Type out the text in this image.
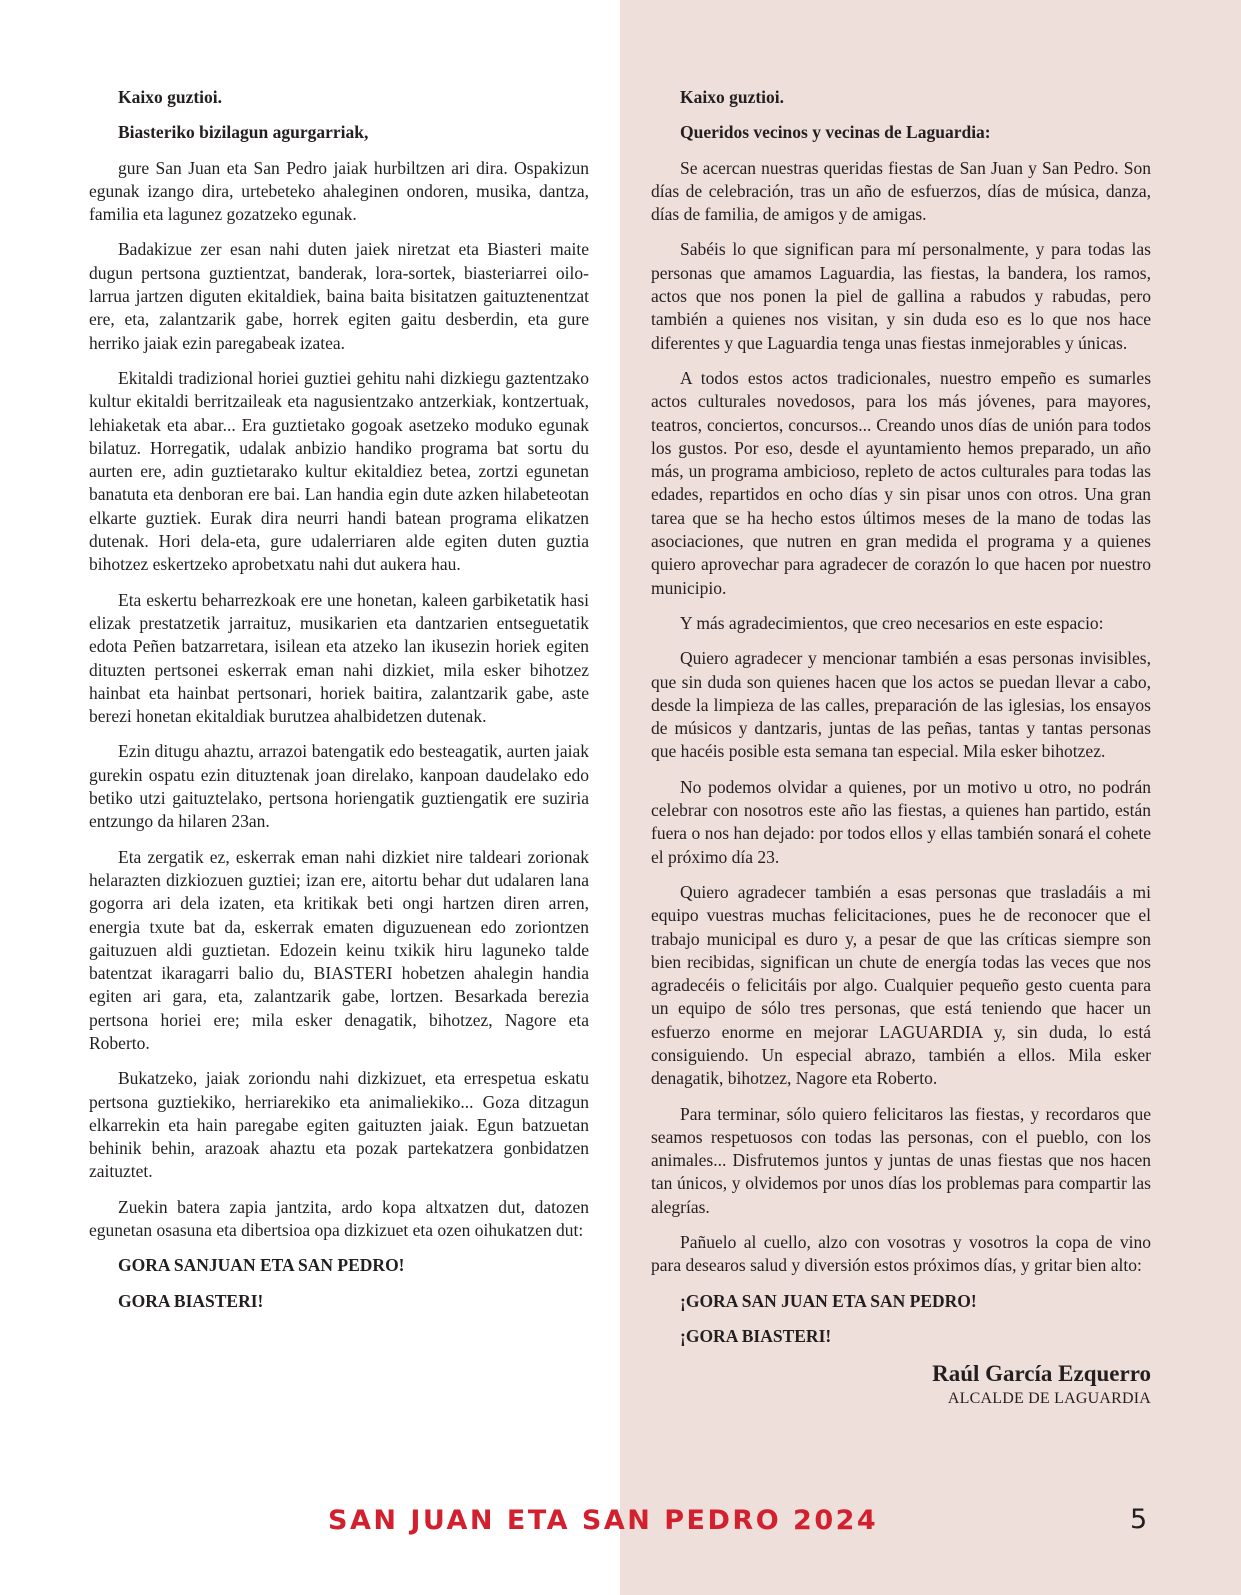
Kaixo guztioi.

Biasteriko bizilagun agurgarriak,

gure San Juan eta San Pedro jaiak hurbiltzen ari dira. Ospakizun egunak izango dira, urtebeteko ahaleginen ondoren, musika, dantza, familia eta lagunez gozatzeko egunak.

Badakizue zer esan nahi duten jaiek niretzat eta Biasteri maite dugun pertsona guztientzat, banderak, lora-sortek, biasteriarrei oilo-larrua jartzen diguten ekitaldiek, baina baita bisitatzen gaituztenentzat ere, eta, zalantzarik gabe, horrek egiten gaitu desberdin, eta gure herriko jaiak ezin paregabeak izatea.

Ekitaldi tradizional horiei guztiei gehitu nahi dizkiegu gaztentzako kultur ekitaldi berritzaileak eta nagusientzako antzerkiak, kontzertuak, lehiaketak eta abar... Era guztietako gogoak asetzeko moduko egunak bilatuz. Horregatik, udalak anbizio handiko programa bat sortu du aurten ere, adin guztietarako kultur ekitaldiez betea, zortzi egunetan banatuta eta denboran ere bai. Lan handia egin dute azken hilabeteotan elkarte guztiek. Eurak dira neurri handi batean programa elikatzen dutenak. Hori dela-eta, gure udalerriaren alde egiten duten guztia bihotzez eskertzeko aprobetxatu nahi dut aukera hau.

Eta eskertu beharrezkoak ere une honetan, kaleen garbiketatik hasi elizak prestatzetik jarraituz, musikarien eta dantzarien entseguetatik edota Peñen batzarretara, isilean eta atzeko lan ikusezin horiek egiten dituzten pertsonei eskerrak eman nahi dizkiet, mila esker bihotzez hainbat eta hainbat pertsonari, horiek baitira, zalantzarik gabe, aste berezi honetan ekitaldiak burutzea ahalbidetzen dutenak.

Ezin ditugu ahaztu, arrazoi batengatik edo besteagatik, aurten jaiak gurekin ospatu ezin dituztenak joan direlako, kanpoan daudelako edo betiko utzi gaituztelako, pertsona horiengatik guztiengatik ere suziria entzungo da hilaren 23an.

Eta zergatik ez, eskerrak eman nahi dizkiet nire taldeari zorionak helarazten dizkiozuen guztiei; izan ere, aitortu behar dut udalaren lana gogorra ari dela izaten, eta kritikak beti ongi hartzen diren arren, energia txute bat da, eskerrak ematen diguzuenean edo zoriontzen gaituzuen aldi guztietan. Edozein keinu txikik hiru laguneko talde batentzat ikaragarri balio du, BIASTERI hobetzen ahalegin handia egiten ari gara, eta, zalantzarik gabe, lortzen. Besarkada berezia pertsona horiei ere; mila esker denagatik, bihotzez, Nagore eta Roberto.

Bukatzeko, jaiak zoriondu nahi dizkizuet, eta errespetua eskatu pertsona guztiekiko, herriarekiko eta animaliekiko... Goza ditzagun elkarrekin eta hain paregabe egiten gaituzten jaiak. Egun batzuetan behinik behin, arazoak ahaztu eta pozak partekatzera gonbidatzen zaituztet.

Zuekin batera zapia jantzita, ardo kopa altxatzen dut, datozen egunetan osasuna eta dibertsioa opa dizkizuet eta ozen oihukatzen dut:

GORA SANJUAN ETA SAN PEDRO!

GORA BIASTERI!

Kaixo guztioi.

Queridos vecinos y vecinas de Laguardia:

Se acercan nuestras queridas fiestas de San Juan y San Pedro. Son días de celebración, tras un año de esfuerzos, días de música, danza, días de familia, de amigos y de amigas.

Sabéis lo que significan para mí personalmente, y para todas las personas que amamos Laguardia, las fiestas, la bandera, los ramos, actos que nos ponen la piel de gallina a rabudos y rabudas, pero también a quienes nos visitan, y sin duda eso es lo que nos hace diferentes y que Laguardia tenga unas fiestas inmejorables y únicas.

A todos estos actos tradicionales, nuestro empeño es sumarles actos culturales novedosos, para los más jóvenes, para mayores, teatros, conciertos, concursos... Creando unos días de unión para todos los gustos. Por eso, desde el ayuntamiento hemos preparado, un año más, un programa ambicioso, repleto de actos culturales para todas las edades, repartidos en ocho días y sin pisar unos con otros. Una gran tarea que se ha hecho estos últimos meses de la mano de todas las asociaciones, que nutren en gran medida el programa y a quienes quiero aprovechar para agradecer de corazón lo que hacen por nuestro municipio.

Y más agradecimientos, que creo necesarios en este espacio:

Quiero agradecer y mencionar también a esas personas invisibles, que sin duda son quienes hacen que los actos se puedan llevar a cabo, desde la limpieza de las calles, preparación de las iglesias, los ensayos de músicos y dantzaris, juntas de las peñas, tantas y tantas personas que hacéis posible esta semana tan especial. Mila esker bihotzez.

No podemos olvidar a quienes, por un motivo u otro, no podrán celebrar con nosotros este año las fiestas, a quienes han partido, están fuera o nos han dejado: por todos ellos y ellas también sonará el cohete el próximo día 23.

Quiero agradecer también a esas personas que trasladáis a mi equipo vuestras muchas felicitaciones, pues he de reconocer que el trabajo municipal es duro y, a pesar de que las críticas siempre son bien recibidas, significan un chute de energía todas las veces que nos agradecéis o felicitáis por algo. Cualquier pequeño gesto cuenta para un equipo de sólo tres personas, que está teniendo que hacer un esfuerzo enorme en mejorar LAGUARDIA y, sin duda, lo está consiguiendo. Un especial abrazo, también a ellos. Mila esker denagatik, bihotzez, Nagore eta Roberto.

Para terminar, sólo quiero felicitaros las fiestas, y recordaros que seamos respetuosos con todas las personas, con el pueblo, con los animales... Disfrutemos juntos y juntas de unas fiestas que nos hacen tan únicos, y olvidemos por unos días los problemas para compartir las alegrías.

Pañuelo al cuello, alzo con vosotras y vosotros la copa de vino para desearos salud y diversión estos próximos días, y gritar bien alto:

¡GORA SAN JUAN ETA SAN PEDRO!

¡GORA BIASTERI!

Raúl García Ezquerro
ALCALDE DE LAGUARDIA
SAN JUAN ETA SAN PEDRO 2024	5
